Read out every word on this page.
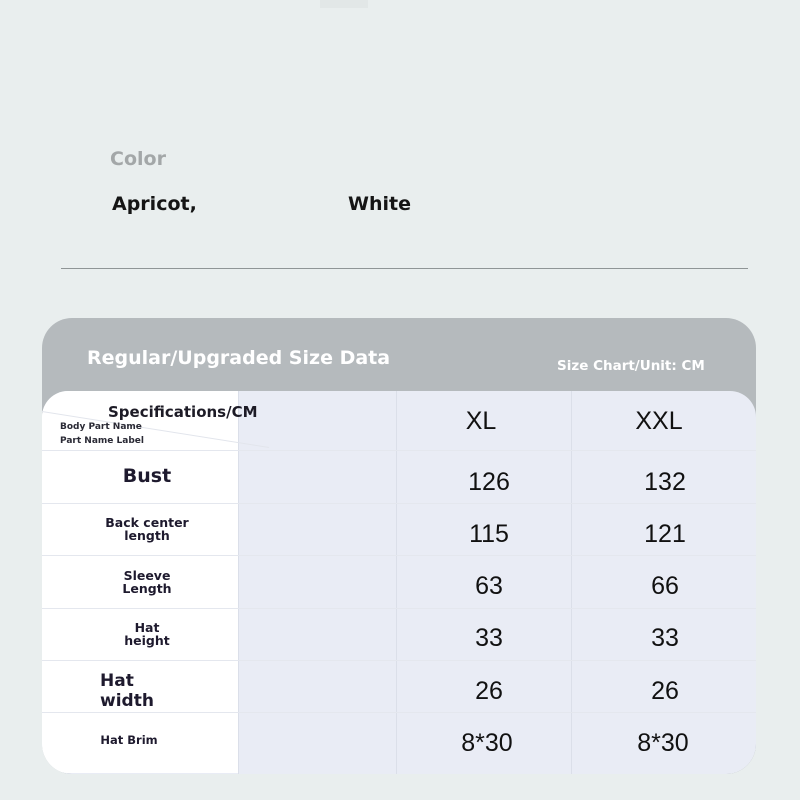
Color
Apricot,	White
Regular/Upgraded Size Data	Size Chart/Unit: CM
Specifications/CM
Body Part Name
Part Name Label
XL	XXL
Bust	126	132
Back center
length	115	121
Sleeve
Length	63	66
Hat
height	33	33
Hat
width	26	26
Hat Brim	8*30	8*30
